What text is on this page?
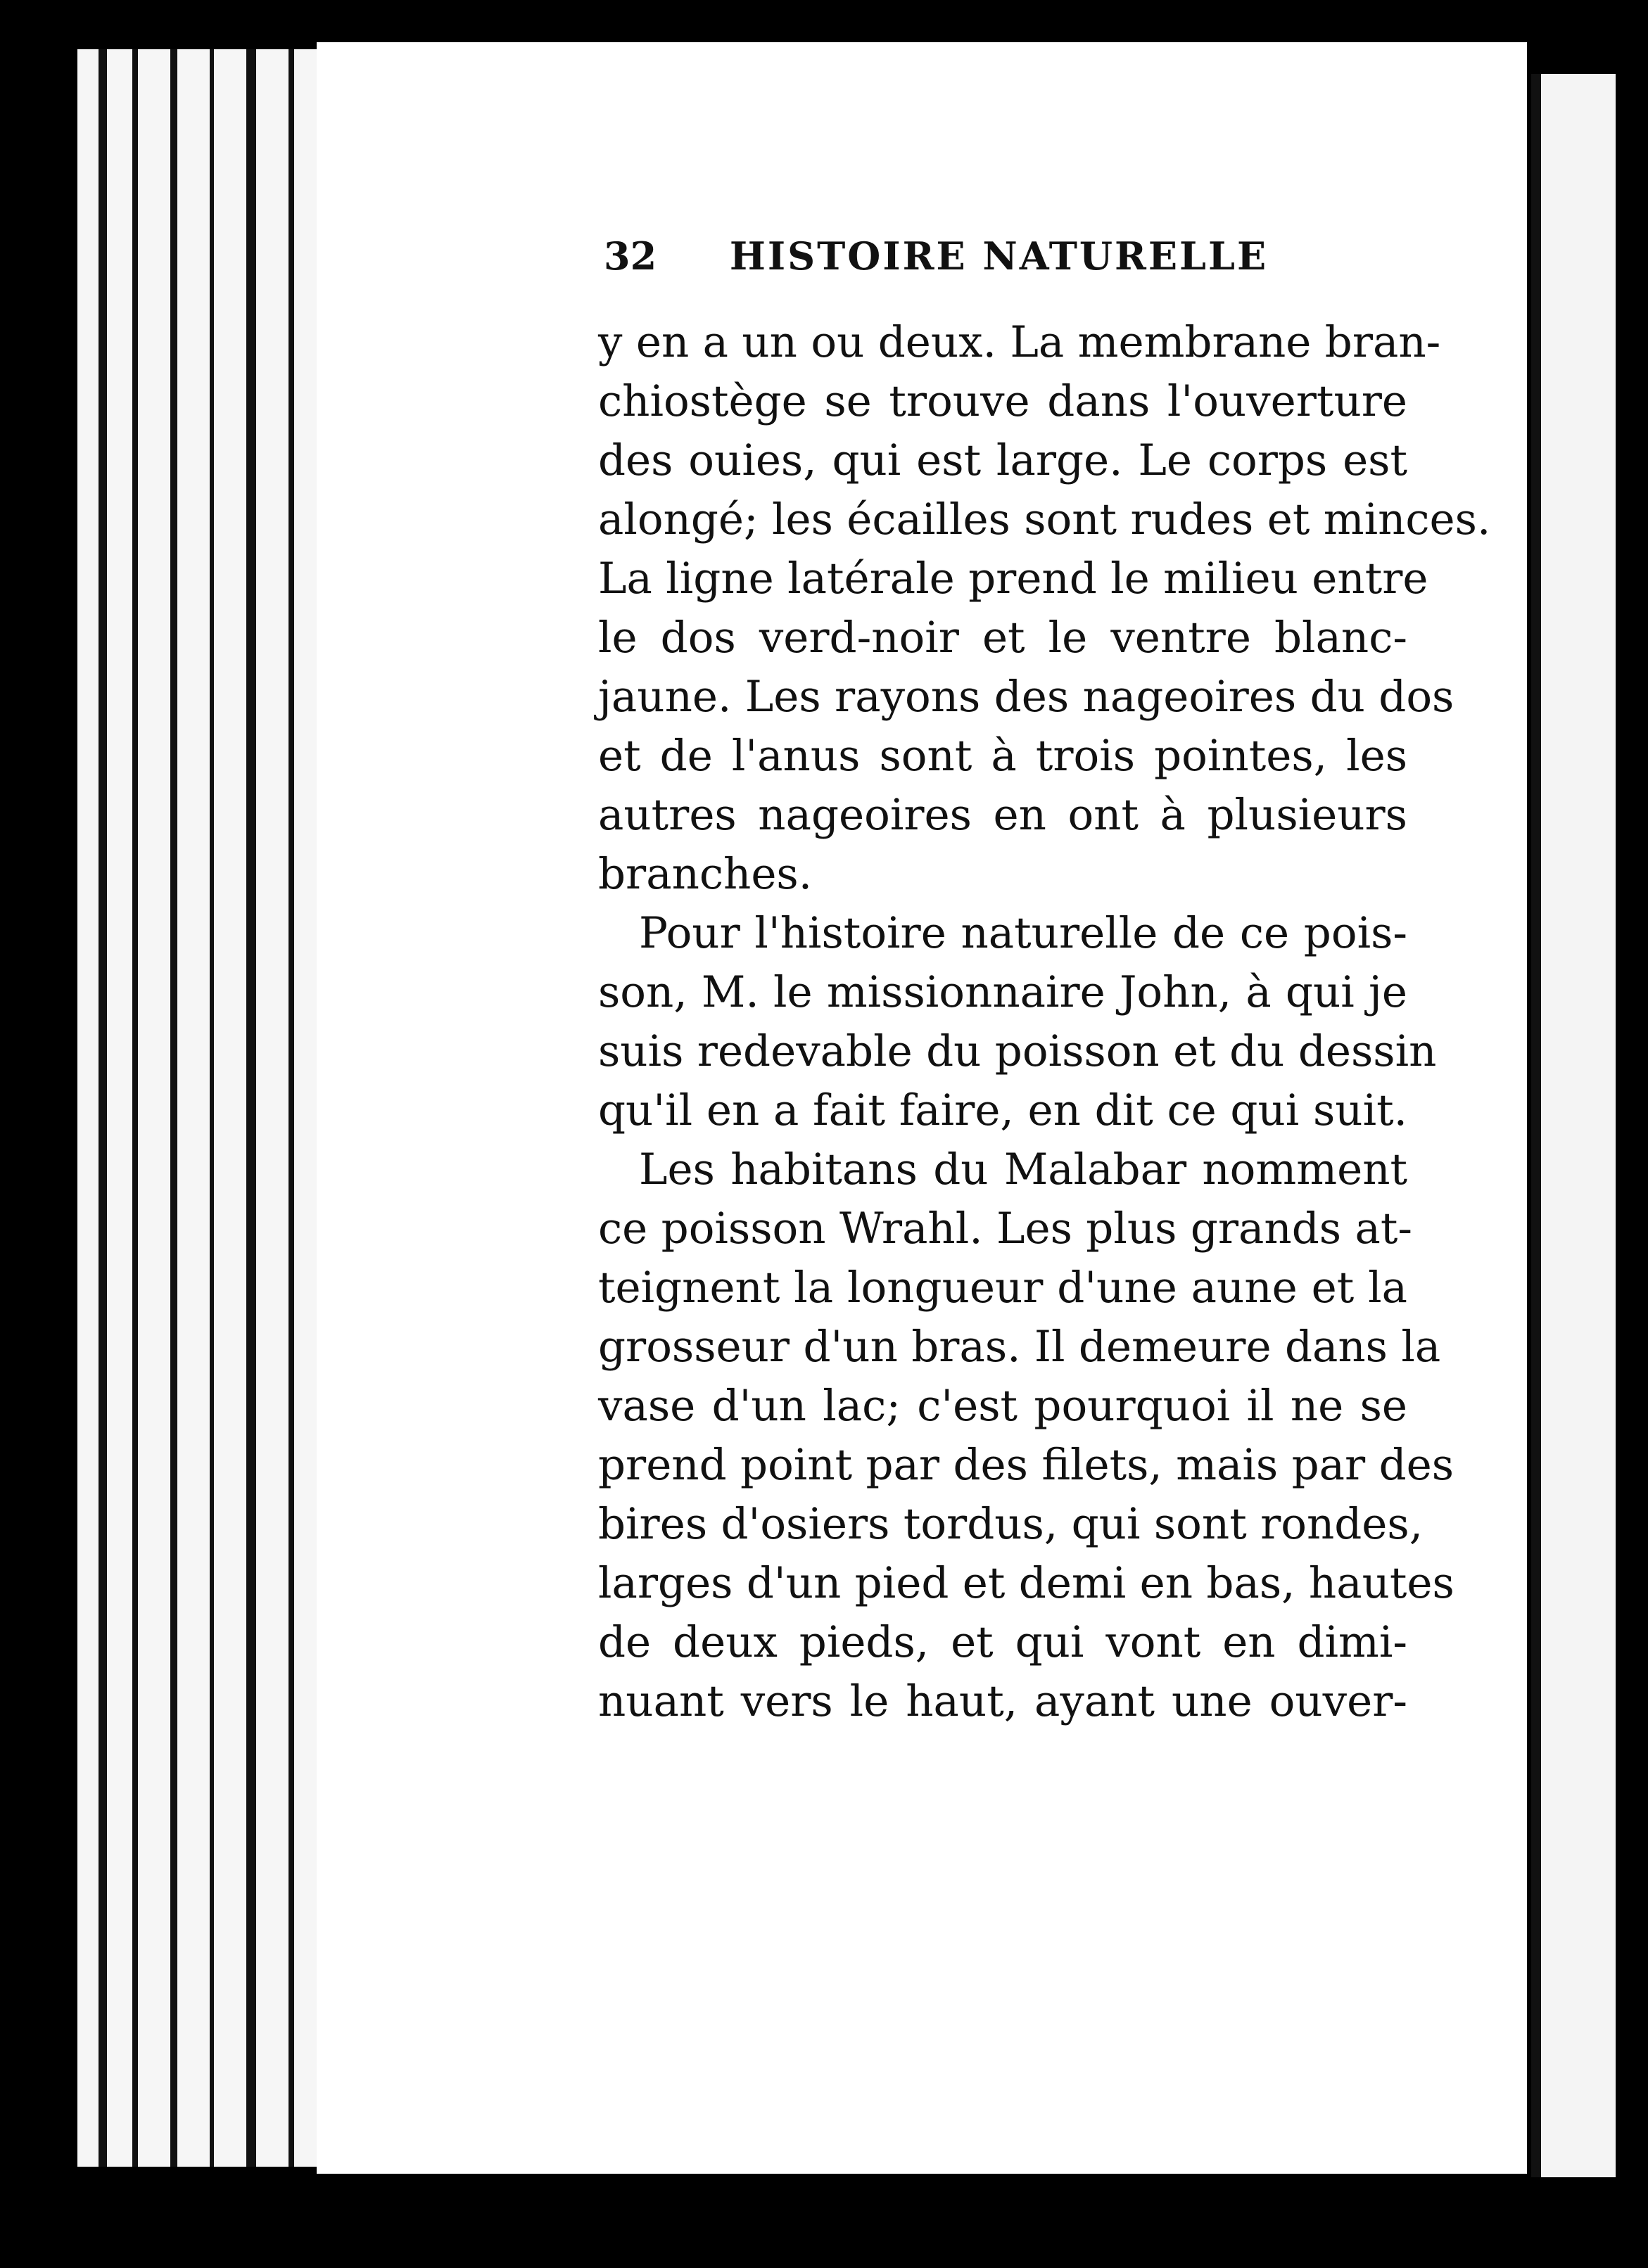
32 HISTOIRE NATURELLE
y en a un ou deux. La membrane bran-
chiostège se trouve dans l'ouverture
des ouies, qui est large. Le corps est
alongé; les écailles sont rudes et minces.
La ligne latérale prend le milieu entre
le dos verd-noir et le ventre blanc-
jaune. Les rayons des nageoires du dos
et de l'anus sont à trois pointes, les
autres nageoires en ont à plusieurs
branches.
Pour l'histoire naturelle de ce pois-
son, M. le missionnaire John, à qui je
suis redevable du poisson et du dessin
qu'il en a fait faire, en dit ce qui suit.
Les habitans du Malabar nomment
ce poisson Wrahl. Les plus grands at-
teignent la longueur d'une aune et la
grosseur d'un bras. Il demeure dans la
vase d'un lac; c'est pourquoi il ne se
prend point par des filets, mais par des
bires d'osiers tordus, qui sont rondes,
larges d'un pied et demi en bas, hautes
de deux pieds, et qui vont en dimi-
nuant vers le haut, ayant une ouver-
